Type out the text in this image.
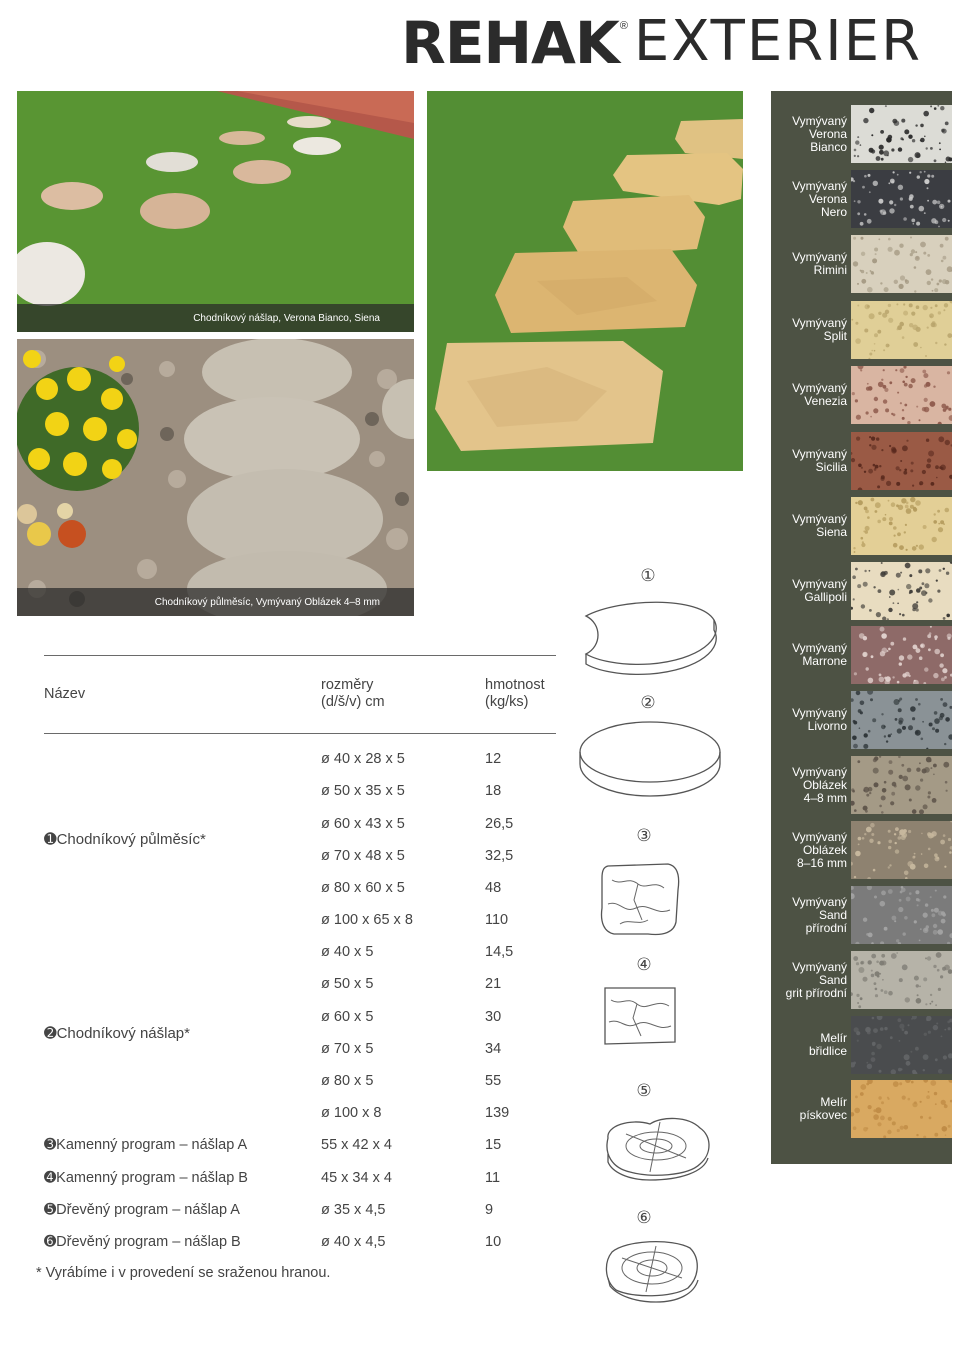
REHAK ® EXTERIER
Chodníkový nášlap, Verona Bianco, Siena
Chodníkový půlměsíc, Vymývaný Oblázek 4–8 mm
Vymývaný
Verona
Bianco
Vymývaný
Verona
Nero
Vymývaný
Rimini
Vymývaný
Split
Vymývaný
Venezia
Vymývaný
Sicilia
Vymývaný
Siena
Vymývaný
Gallipoli
Vymývaný
Marrone
Vymývaný
Livorno
Vymývaný
Oblázek
4–8 mm
Vymývaný
Oblázek
8–16 mm
Vymývaný
Sand
přírodní
Vymývaný
Sand
grit přírodní
Melír
břidlice
Melír
pískovec
Název
rozměry
(d/š/v) cm
hmotnost
(kg/ks)
➊Chodníkový půlměsíc*
ø 40 x 28 x 5	12
ø 50 x 35 x 5	18
ø 60 x 43 x 5	26,5
ø 70 x 48 x 5	32,5
ø 80 x 60 x 5	48
ø 100 x 65 x 8	110
➋Chodníkový nášlap*
ø 40 x 5	14,5
ø 50 x 5	21
ø 60 x 5	30
ø 70 x 5	34
ø 80 x 5	55
ø 100 x 8	139
➌Kamenný program – nášlap A	55 x 42 x 4	15
➍Kamenný program – nášlap B	45 x 34 x 4	11
➎Dřevěný program – nášlap A	ø 35 x 4,5	9
➏Dřevěný program – nášlap B	ø 40 x 4,5	10
* Vyrábíme i v provedení se sraženou hranou.
①
②
③
④
⑤
⑥
